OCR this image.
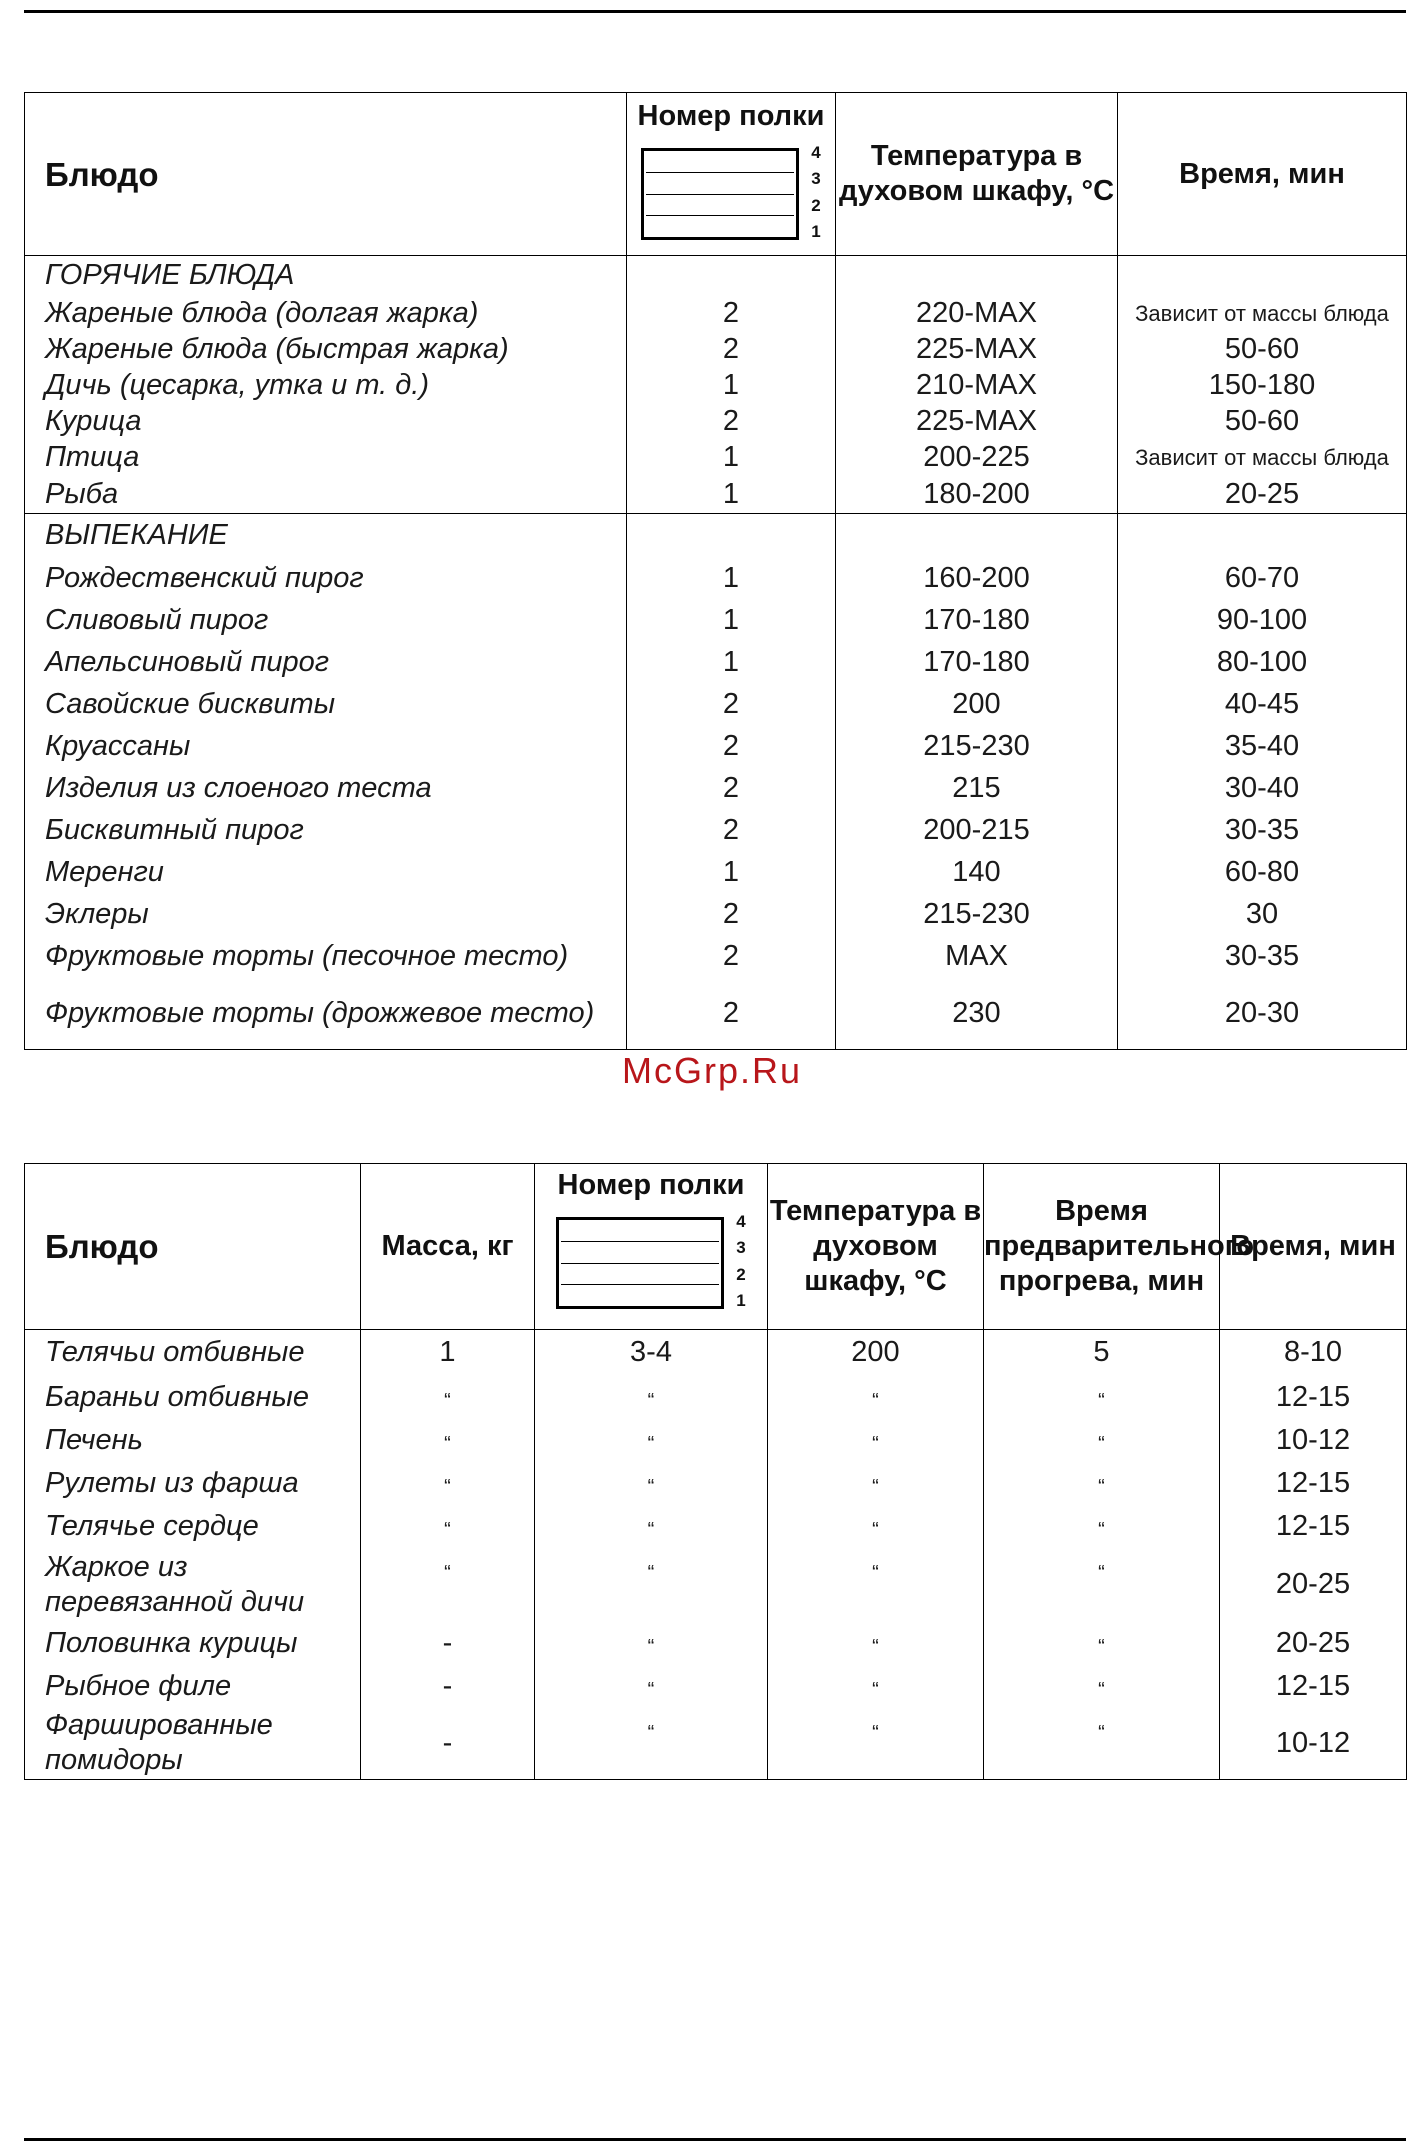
Блюдо	Номер полки
4
3
2
1	Температура в духовом шкафу, °C	Время, мин
ГОРЯЧИЕ БЛЮДА			
Жареные блюда (долгая жарка)	2	220-MAX	Зависит от массы блюда
Жареные блюда (быстрая жарка)	2	225-MAX	50-60
Дичь (цесарка, утка и т. д.)	1	210-MAX	150-180
Курица	2	225-MAX	50-60
Птица	1	200-225	Зависит от массы блюда
Рыба	1	180-200	20-25
ВЫПЕКАНИЕ			
Рождественский пирог	1	160-200	60-70
Сливовый пирог	1	170-180	90-100
Апельсиновый пирог	1	170-180	80-100
Савойские бисквиты	2	200	40-45
Круассаны	2	215-230	35-40
Изделия из слоеного теста	2	215	30-40
Бисквитный пирог	2	200-215	30-35
Меренги	1	140	60-80
Эклеры	2	215-230	30
Фруктовые торты (песочное тесто)	2	MAX	30-35
Фруктовые торты (дрожжевое тесто)	2	230	20-30
McGrp.Ru
Блюдо	Масса, кг	Номер полки
4
3
2
1	Температура в духовом шкафу, °C	Время предварительного прогрева, мин	Время, мин
Телячьи отбивные	1	3-4	200	5	8-10
Бараньи отбивные	“	“	“	“	12-15
Печень	“	“	“	“	10-12
Рулеты из фарша	“	“	“	“	12-15
Телячье сердце	“	“	“	“	12-15
Жаркое из перевязанной дичи	“	“	“	“	20-25
Половинка курицы	-	“	“	“	20-25
Рыбное филе	-	“	“	“	12-15
Фаршированные помидоры	-	“	“	“	10-12
